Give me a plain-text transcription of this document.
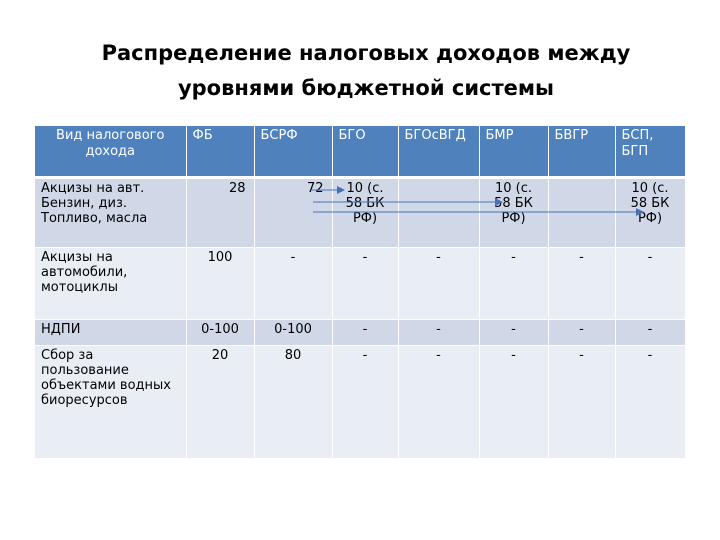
Распределение налоговых доходов между
уровнями бюджетной системы
Вид налогового дохода	ФБ	БСРФ	БГО	БГОсВГД	БМР	БВГР	БСП, БГП
Акцизы на авт. Бензин, диз. Топливо, масла	28	72	10 (с. 58 БК РФ)		10 (с. 58 БК РФ)		10 (с. 58 БК РФ)
Акцизы на автомобили, мотоциклы	100	-	-	-	-	-	-
НДПИ	0-100	0-100	-	-	-	-	-
Сбор за пользование объектами водных биоресурсов	20	80	-	-	-	-	-
